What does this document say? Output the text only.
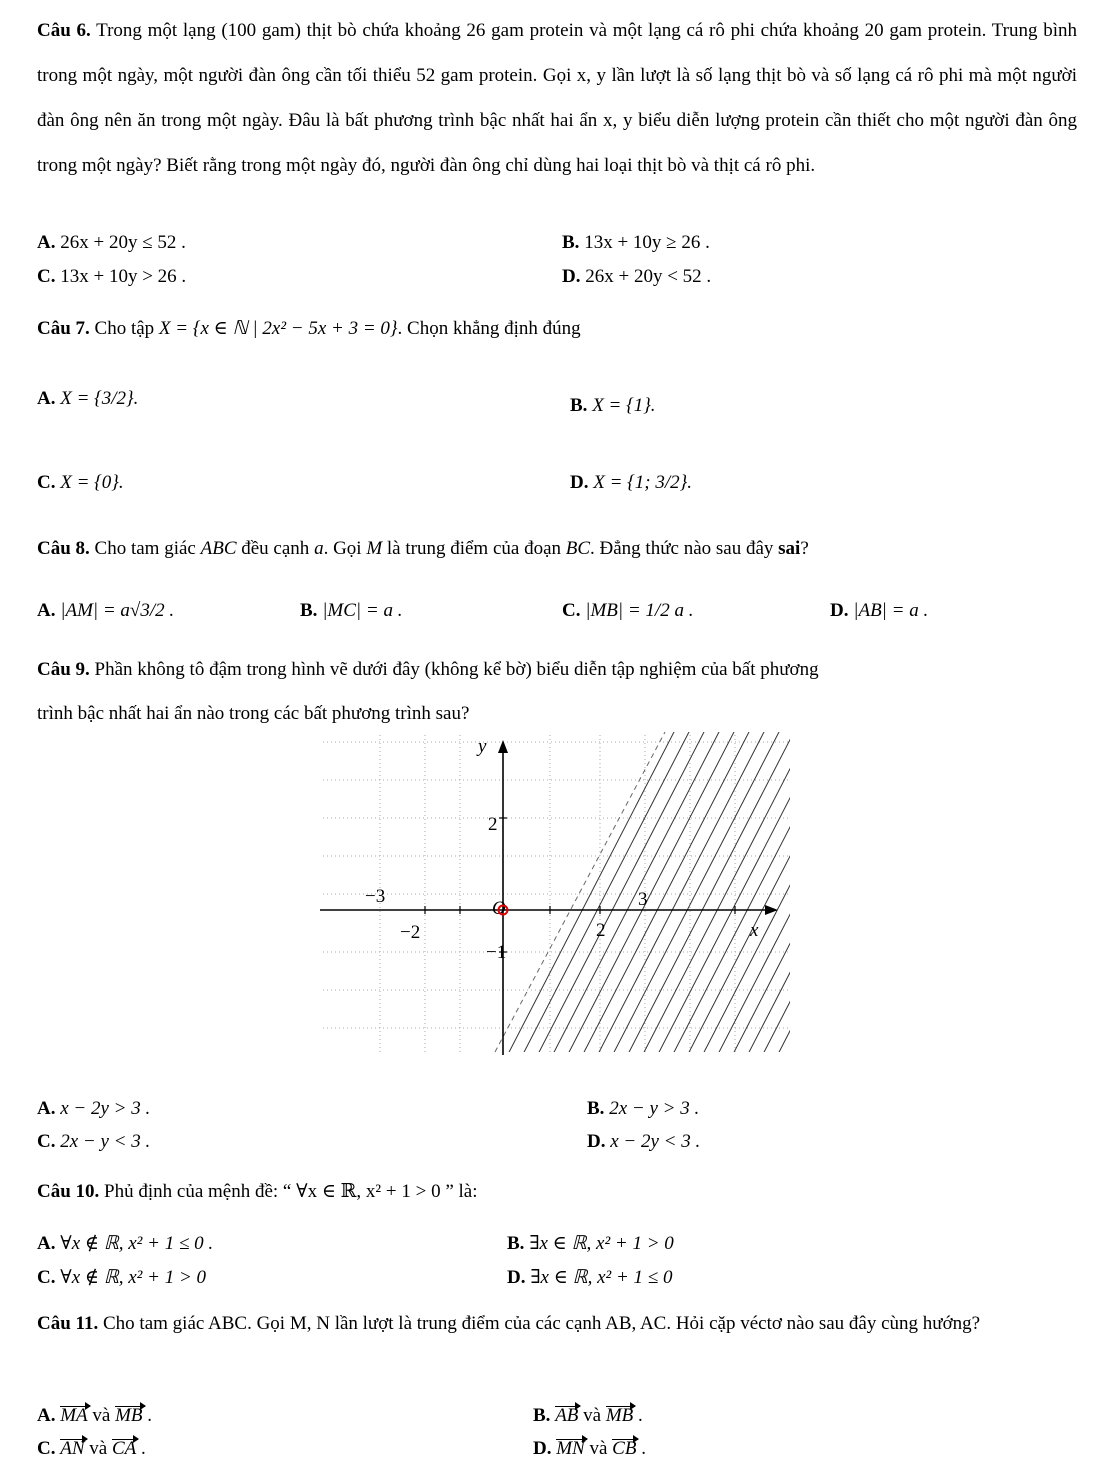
Câu 6. Trong một lạng (100 gam) thịt bò chứa khoảng 26 gam protein và một lạng cá rô phi chứa khoảng 20 gam protein. Trung bình trong một ngày, một người đàn ông cần tối thiểu 52 gam protein. Gọi x, y lần lượt là số lạng thịt bò và số lạng cá rô phi mà một người đàn ông nên ăn trong một ngày. Đâu là bất phương trình bậc nhất hai ẩn x, y biểu diễn lượng protein cần thiết cho một người đàn ông trong một ngày? Biết rằng trong một ngày đó, người đàn ông chỉ dùng hai loại thịt bò và thịt cá rô phi.
A. 26x + 20y ≤ 52 .	B. 13x + 10y ≥ 26 .
C. 13x + 10y > 26 .	D. 26x + 20y < 52 .
Câu 7. Cho tập X = {x ∈ ℕ | 2x² − 5x + 3 = 0}. Chọn khẳng định đúng
A. X = {3/2}.	B. X = {1}.
C. X = {0}.	D. X = {1; 3/2}.
Câu 8. Cho tam giác ABC đều cạnh a. Gọi M là trung điểm của đoạn BC. Đẳng thức nào sau đây sai?
A. |AM| = a√3/2 .	B. |MC| = a .	C. |MB| = 1/2 a .	D. |AB| = a .
Câu 9. Phần không tô đậm trong hình vẽ dưới đây (không kể bờ) biểu diễn tập nghiệm của bất phương
trình bậc nhất hai ẩn nào trong các bất phương trình sau?
y
x
2
−3
−2
O
2
3
−1
A. x − 2y > 3 .	B. 2x − y > 3 .
C. 2x − y < 3 .	D. x − 2y < 3 .
Câu 10. Phủ định của mệnh đề: “ ∀x ∈ ℝ, x² + 1 > 0 ” là:
A. ∀x ∉ ℝ, x² + 1 ≤ 0 .	B. ∃x ∈ ℝ, x² + 1 > 0
C. ∀x ∉ ℝ, x² + 1 > 0	D. ∃x ∈ ℝ, x² + 1 ≤ 0
Câu 11. Cho tam giác ABC. Gọi M, N lần lượt là trung điểm của các cạnh AB, AC. Hỏi cặp véctơ nào sau đây cùng hướng?
A. MA và MB .	B. AB và MB .
C. AN và CA .	D. MN và CB .
